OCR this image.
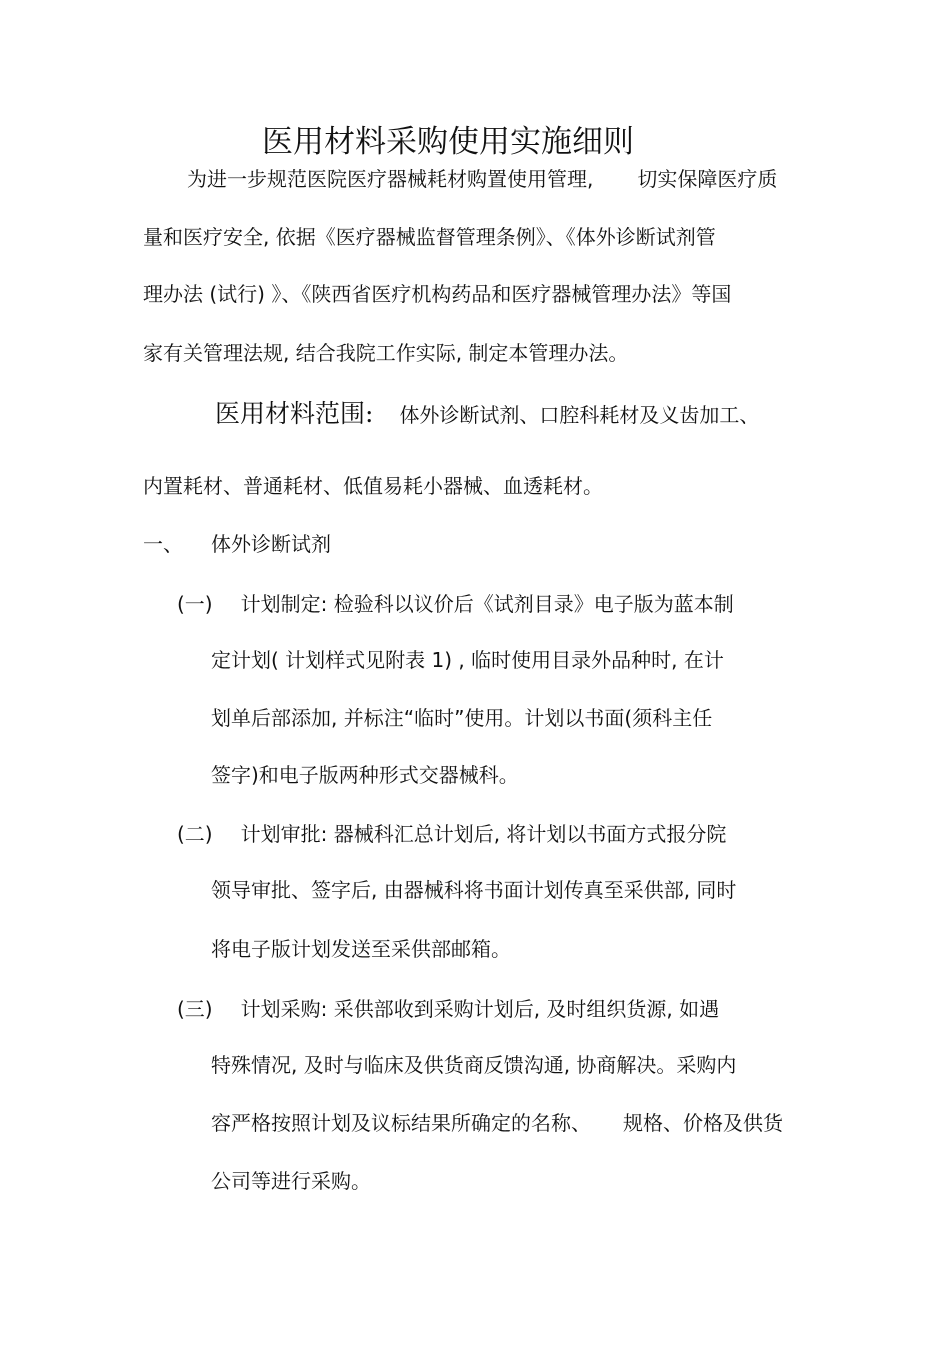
医用材料采购使用实施细则
为进一步规范医院医疗器械耗材购置使用管理, 切实保障医疗质
量和医疗安全, 依据《医疗器械监督管理条例》、《体外诊断试剂管
理办法 (试行) 》、《陕西省医疗机构药品和医疗器械管理办法》等国
家有关管理法规, 结合我院工作实际, 制定本管理办法。
医用材料范围: 体外诊断试剂、口腔科耗材及义齿加工、
内置耗材、普通耗材、低值易耗小器械、血透耗材。
一、 体外诊断试剂
(一) 计划制定: 检验科以议价后《试剂目录》电子版为蓝本制
定计划( 计划样式见附表 1) , 临时使用目录外品种时, 在计
划单后部添加, 并标注“临时”使用。计划以书面(须科主任
签字)和电子版两种形式交器械科。
(二) 计划审批: 器械科汇总计划后, 将计划以书面方式报分院
领导审批、签字后, 由器械科将书面计划传真至采供部, 同时
将电子版计划发送至采供部邮箱。
(三) 计划采购: 采供部收到采购计划后, 及时组织货源, 如遇
特殊情况, 及时与临床及供货商反馈沟通, 协商解决。采购内
容严格按照计划及议标结果所确定的名称、 规格、价格及供货
公司等进行采购。
